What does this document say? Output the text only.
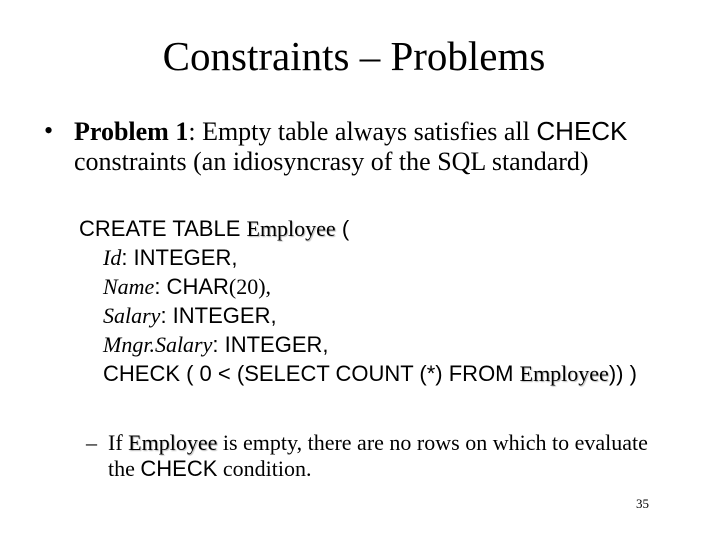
Constraints – Problems
• Problem 1: Empty table always satisfies all CHECK constraints (an idiosyncrasy of the SQL standard)
CREATE TABLE Employee (
Id: INTEGER,
Name: CHAR(20),
Salary: INTEGER,
Mngr.Salary: INTEGER,
CHECK ( 0 < (SELECT COUNT (*) FROM Employee)) )
– If Employee is empty, there are no rows on which to evaluate the CHECK condition.
35
